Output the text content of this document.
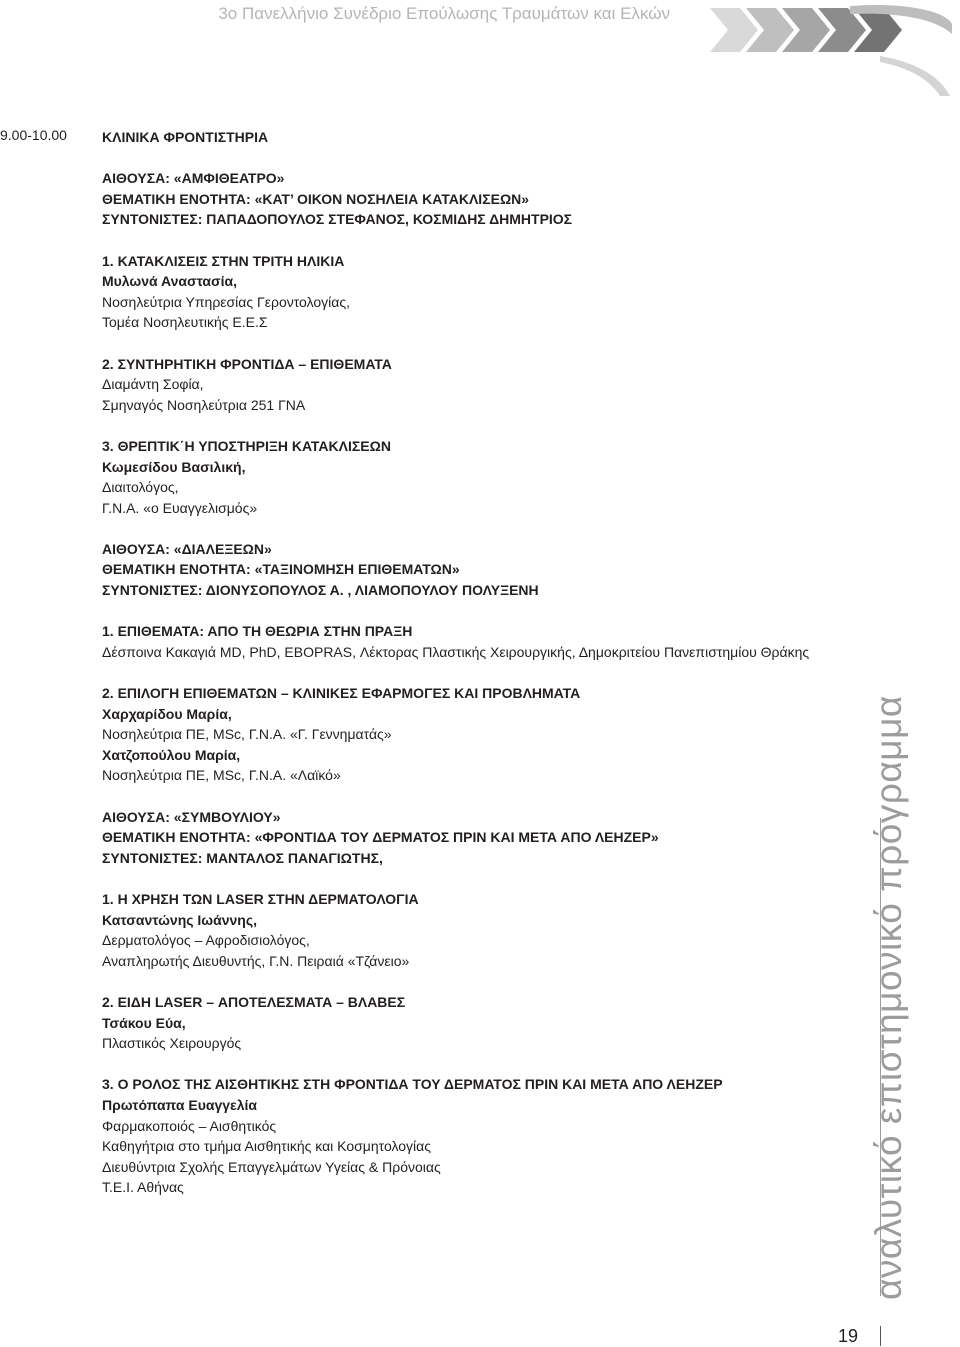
3ο Πανελλήνιο Συνέδριο Επούλωσης Τραυμάτων και Ελκών
9.00-10.00	ΚΛΙΝΙΚΑ ΦΡΟΝΤΙΣΤΗΡΙΑ
ΑΙΘΟΥΣΑ: «ΑΜΦΙΘΕΑΤΡΟ»
ΘΕΜΑΤΙΚΗ ΕΝΟΤΗΤΑ: «ΚΑΤ’ ΟΙΚΟΝ ΝΟΣΗΛΕΙΑ ΚΑΤΑΚΛΙΣΕΩΝ»
ΣΥΝΤΟΝΙΣΤΕΣ: ΠΑΠΑΔΟΠΟΥΛΟΣ ΣΤΕΦΑΝΟΣ, ΚΟΣΜΙΔΗΣ ΔΗΜΗΤΡΙΟΣ
1. ΚΑΤΑΚΛΙΣΕΙΣ ΣΤΗΝ ΤΡΙΤΗ ΗΛΙΚΙΑ
Μυλωνά Αναστασία,
Νοσηλεύτρια Υπηρεσίας Γεροντολογίας,
Τομέα Νοσηλευτικής Ε.Ε.Σ
2. ΣΥΝΤΗΡΗΤΙΚΗ ΦΡΟΝΤΙΔΑ – ΕΠΙΘΕΜΑΤΑ
Διαμάντη Σοφία,
Σμηναγός Νοσηλεύτρια 251 ΓΝΑ
3. ΘΡΕΠΤΙΚ΄Η ΥΠΟΣΤΗΡΙΞΗ ΚΑΤΑΚΛΙΣΕΩΝ
Κωμεσίδου Βασιλική,
Διαιτολόγος,
Γ.Ν.Α. «ο Ευαγγελισμός»
ΑΙΘΟΥΣΑ: «ΔΙΑΛΕΞΕΩΝ»
ΘΕΜΑΤΙΚΗ ΕΝΟΤΗΤΑ: «ΤΑΞΙΝΟΜΗΣΗ ΕΠΙΘΕΜΑΤΩΝ»
ΣΥΝΤΟΝΙΣΤΕΣ: ΔΙΟΝΥΣΟΠΟΥΛΟΣ Α. , ΛΙΑΜΟΠΟΥΛΟΥ ΠΟΛΥΞΕΝΗ
1. ΕΠΙΘΕΜΑΤΑ: ΑΠΟ ΤΗ ΘΕΩΡΙΑ ΣΤΗΝ ΠΡΑΞΗ
Δέσποινα Κακαγιά MD, PhD, EBOPRAS, Λέκτορας Πλαστικής Χειρουργικής, Δημοκριτείου Πανεπιστημίου Θράκης
2. ΕΠΙΛΟΓΗ ΕΠΙΘΕΜΑΤΩΝ – ΚΛΙΝΙΚΕΣ ΕΦΑΡΜΟΓΕΣ ΚΑΙ ΠΡΟΒΛΗΜΑΤΑ
Χαρχαρίδου Μαρία,
Νοσηλεύτρια ΠΕ, MSc, Γ.Ν.Α. «Γ. Γεννηματάς»
Χατζοπούλου Μαρία,
Νοσηλεύτρια ΠΕ, MSc, Γ.Ν.Α. «Λαϊκό»
ΑΙΘΟΥΣΑ: «ΣΥΜΒΟΥΛΙΟΥ»
ΘΕΜΑΤΙΚΗ ΕΝΟΤΗΤΑ: «ΦΡΟΝΤΙΔΑ ΤΟΥ ΔΕΡΜΑΤΟΣ ΠΡΙΝ ΚΑΙ ΜΕΤΑ ΑΠΟ ΛΕΗΖΕΡ»
ΣΥΝΤΟΝΙΣΤΕΣ: ΜΑΝΤΑΛΟΣ ΠΑΝΑΓΙΩΤΗΣ,
1. Η ΧΡΗΣΗ ΤΩΝ LASER ΣΤΗΝ ΔΕΡΜΑΤΟΛΟΓΙΑ
Κατσαντώνης Ιωάννης,
Δερματολόγος – Αφροδισιολόγος,
Αναπληρωτής Διευθυντής, Γ.Ν. Πειραιά «Τζάνειο»
2. ΕΙΔΗ LASER – ΑΠΟΤΕΛΕΣΜΑΤΑ – ΒΛΑΒΕΣ
Τσάκου Εύα,
Πλαστικός Χειρουργός
3. Ο ΡΟΛΟΣ ΤΗΣ ΑΙΣΘΗΤΙΚΗΣ ΣΤΗ ΦΡΟΝΤΙΔΑ ΤΟΥ ΔΕΡΜΑΤΟΣ ΠΡΙΝ ΚΑΙ ΜΕΤΑ ΑΠΟ ΛΕΗΖΕΡ
Πρωτόπαπα Ευαγγελία
Φαρμακοποιός – Αισθητικός
Καθηγήτρια στο τμήμα Αισθητικής και Κοσμητολογίας
Διευθύντρια Σχολής Επαγγελμάτων Υγείας & Πρόνοιας
Τ.Ε.Ι. Αθήνας	αναλυτικό επιστημονικό πρόγραμμα
19
